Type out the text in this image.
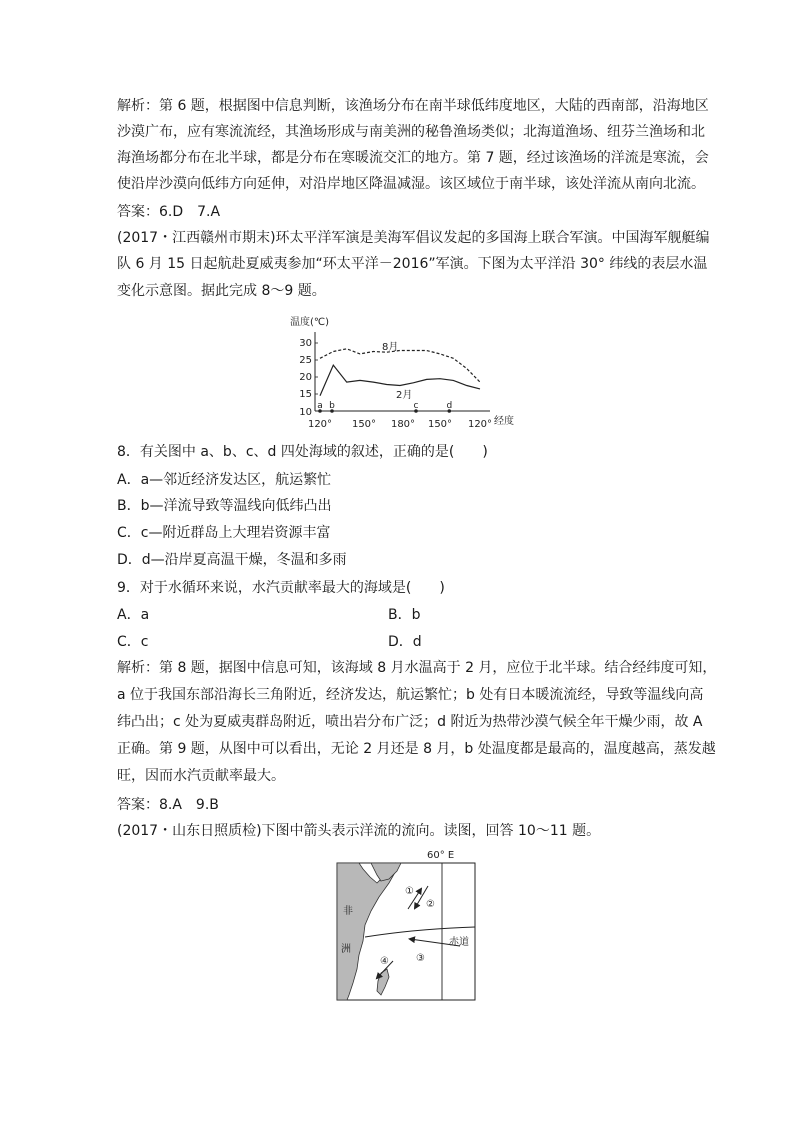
解析：第 6 题，根据图中信息判断，该渔场分布在南半球低纬度地区，大陆的西南部，沿海地区
沙漠广布，应有寒流流经，其渔场形成与南美洲的秘鲁渔场类似；北海道渔场、纽芬兰渔场和北
海渔场都分布在北半球，都是分布在寒暖流交汇的地方。第 7 题，经过该渔场的洋流是寒流，会
使沿岸沙漠向低纬方向延伸，对沿岸地区降温减湿。该区域位于南半球，该处洋流从南向北流。
答案：6.D　7.A
(2017・江西赣州市期末)环太平洋军演是美海军倡议发起的多国海上联合军演。中国海军舰艇编
队 6 月 15 日起航赴夏威夷参加“环太平洋－2016”军演。下图为太平洋沿 30° 纬线的表层水温
变化示意图。据此完成 8～9 题。
温度(℃)
30
25
20
15
10
120° 150° 180° 150° 120° 经度
8月
2月
a b	c	d
8．有关图中 a、b、c、d 四处海域的叙述，正确的是(　　)
A．a—邻近经济发达区，航运繁忙
B．b—洋流导致等温线向低纬凸出
C．c—附近群岛上大理岩资源丰富
D．d—沿岸夏高温干燥，冬温和多雨
9．对于水循环来说，水汽贡献率最大的海域是(　　)
A．a	B．b
C．c	D．d
解析：第 8 题，据图中信息可知，该海域 8 月水温高于 2 月，应位于北半球。结合经纬度可知，
a 位于我国东部沿海长三角附近，经济发达，航运繁忙；b 处有日本暖流流经，导致等温线向高
纬凸出；c 处为夏威夷群岛附近，喷出岩分布广泛；d 附近为热带沙漠气候全年干燥少雨，故 A
正确。第 9 题，从图中可以看出，无论 2 月还是 8 月，b 处温度都是最高的，温度越高，蒸发越
旺，因而水汽贡献率最大。
答案：8.A　9.B
(2017・山东日照质检)下图中箭头表示洋流的流向。读图，回答 10～11 题。
60° E
非
洲
赤道
①
②
③
④
